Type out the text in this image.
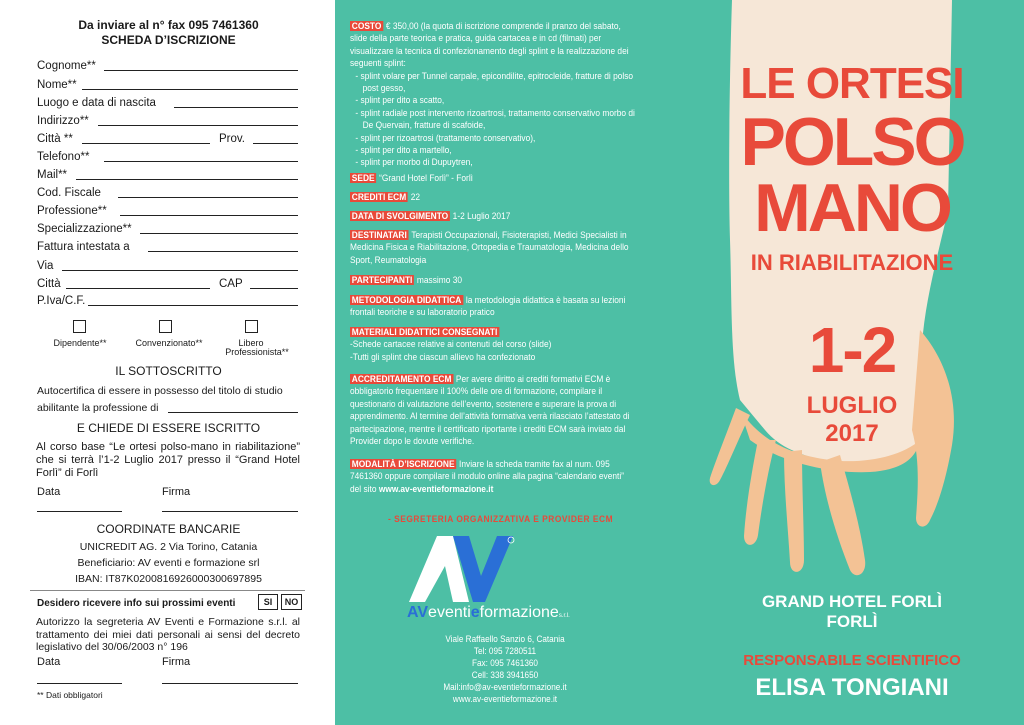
Da inviare al n° fax 095 7461360
SCHEDA D’ISCRIZIONE
Cognome**
Nome**
Luogo e data di nascita
Indirizzo**
Città **	Prov.
Telefono**
Mail**
Cod. Fiscale
Professione**
Specializzazione**
Fattura intestata a
Via
Città	CAP
P.Iva/C.F.
Dipendente**	Convenzionato**	Libero
Professionista**
IL SOTTOSCRITTO
Autocertifica di essere in possesso del titolo di studio
abilitante la professione di
E CHIEDE DI ESSERE ISCRITTO
Al corso base “Le ortesi polso-mano in riabilitazione” che si terrà l’1-2 Luglio 2017 presso il “Grand Hotel Forlì” di Forlì
Data	Firma
COORDINATE BANCARIE
UNICREDIT AG. 2 Via Torino, Catania
Beneficiario: AV eventi e formazione srl
IBAN: IT87K0200816926000300697895
Desidero ricevere info sui prossimi eventi	SI	NO
Autorizzo la segreteria AV Eventi e Formazione s.r.l. al trattamento dei miei dati personali ai sensi del decreto legislativo del 30/06/2003 n° 196
Data	Firma
** Dati obbligatori
COSTO € 350,00 (la quota di iscrizione comprende il pranzo del sabato, slide della parte teorica e pratica, guida cartacea e in cd (filmati) per visualizzare la tecnica di confezionamento degli splint e la realizzazione dei seguenti splint:
- splint volare per Tunnel carpale, epicondilite, epitrocleide, fratture di polso
post gesso,
- splint per dito a scatto,
- splint radiale post intervento rizoartrosi, trattamento conservativo morbo di
De Quervain, fratture di scafoide,
- splint per rizoartrosi (trattamento conservativo),
- splint per dito a martello,
- splint per morbo di Dupuytren,
SEDE “Grand Hotel Forlì” - Forlì
CREDITI ECM 22
DATA DI SVOLGIMENTO 1-2 Luglio 2017
DESTINATARI Terapisti Occupazionali, Fisioterapisti, Medici Specialisti in Medicina Fisica e Riabilitazione, Ortopedia e Traumatologia, Medicina dello Sport, Reumatologia
PARTECIPANTI massimo 30
METODOLOGIA DIDATTICA la metodologia didattica è basata su lezioni frontali teoriche e su laboratorio pratico
MATERIALI DIDATTICI CONSEGNATI
-Schede cartacee relative ai contenuti del corso (slide)
-Tutti gli splint che ciascun allievo ha confezionato
ACCREDITAMENTO ECM Per avere diritto ai crediti formativi ECM è obbligatorio frequentare il 100% delle ore di formazione, compilare il questionario di valutazione dell’evento, sostenere e superare la prova di apprendimento. Al termine dell’attività formativa verrà rilasciato l’attestato di partecipazione, mentre il certificato riportante i crediti ECM sarà inviato dal Provider dopo le dovute verifiche.
MODALITÀ D’ISCRIZIONE Inviare la scheda tramite fax al num. 095 7461360 oppure compilare il modulo online alla pagina “calendario eventi” del sito www.av-eventieformazione.it
- SEGRETERIA ORGANIZZATIVA E PROVIDER ECM
AVeventieformaziones.r.l.
Viale Raffaello Sanzio 6, Catania
Tel: 095 7280511
Fax: 095 7461360
Cell: 338 3941650
Mail:info@av-eventieformazione.it
www.av-eventieformazione.it
LE ORTESI
POLSO
MANO
IN RIABILITAZIONE
1-2
LUGLIO
2017
GRAND HOTEL FORLÌ
FORLÌ
RESPONSABILE SCIENTIFICO
ELISA TONGIANI
